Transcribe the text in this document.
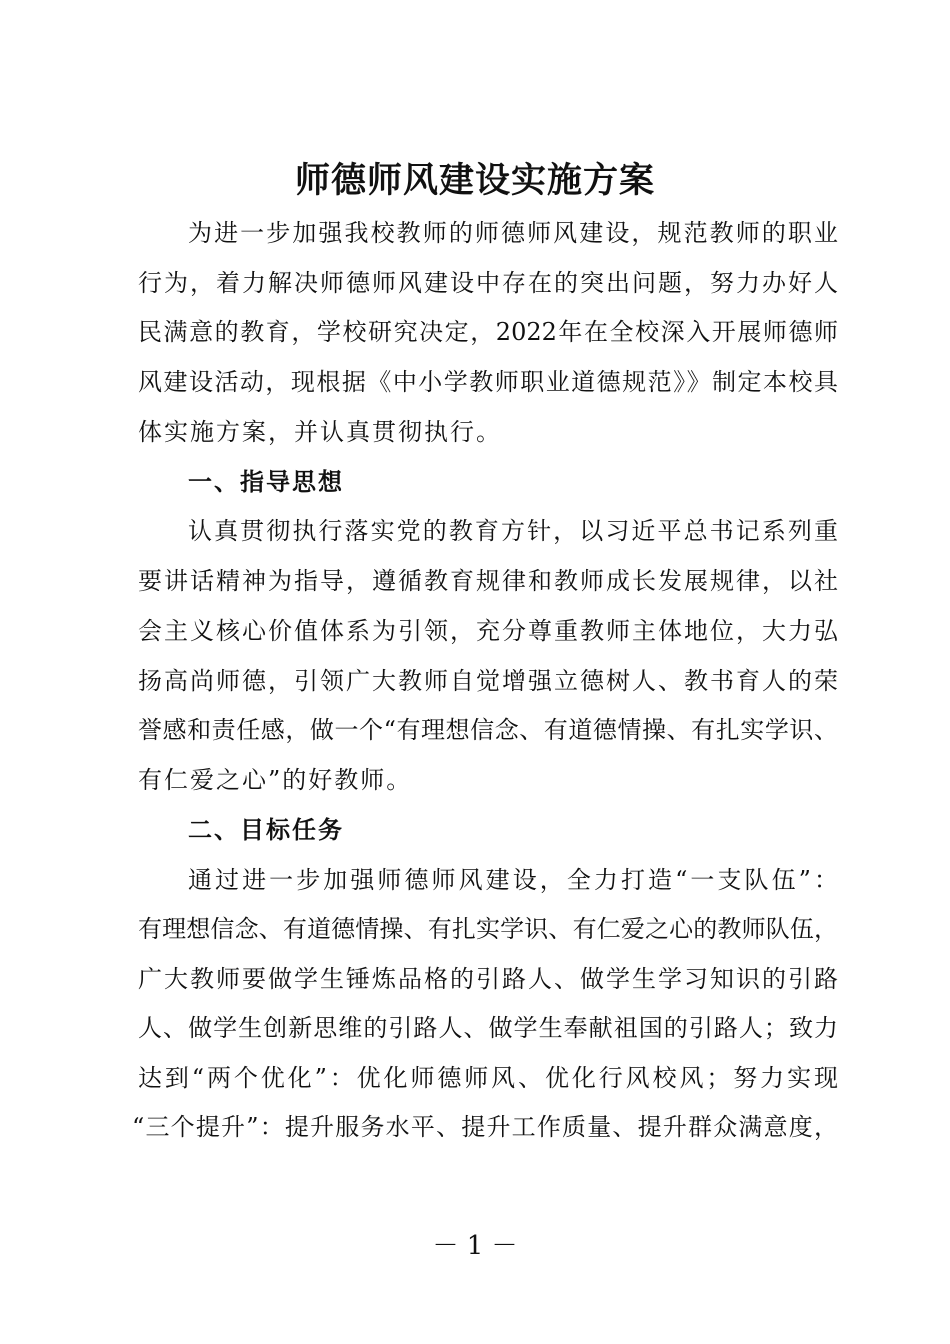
师德师风建设实施方案
为进一步加强我校教师的师德师风建设，规范教师的职业
行为，着力解决师德师风建设中存在的突出问题，努力办好人
民满意的教育，学校研究决定，2022年在全校深入开展师德师
风建设活动，现根据《中小学教师职业道德规范》》制定本校具
体实施方案，并认真贯彻执行。
一、指导思想
认真贯彻执行落实党的教育方针，以习近平总书记系列重
要讲话精神为指导，遵循教育规律和教师成长发展规律，以社
会主义核心价值体系为引领，充分尊重教师主体地位，大力弘
扬高尚师德，引领广大教师自觉增强立德树人、教书育人的荣
誉感和责任感，做一个“有理想信念、有道德情操、有扎实学识、
有仁爱之心”的好教师。
二、目标任务
通过进一步加强师德师风建设，全力打造“一支队伍”：
有理想信念、有道德情操、有扎实学识、有仁爱之心的教师队伍，
广大教师要做学生锤炼品格的引路人、做学生学习知识的引路
人、做学生创新思维的引路人、做学生奉献祖国的引路人；致力
达到“两个优化”：优化师德师风、优化行风校风；努力实现
“三个提升”：提升服务水平、提升工作质量、提升群众满意度，
－ 1 －
